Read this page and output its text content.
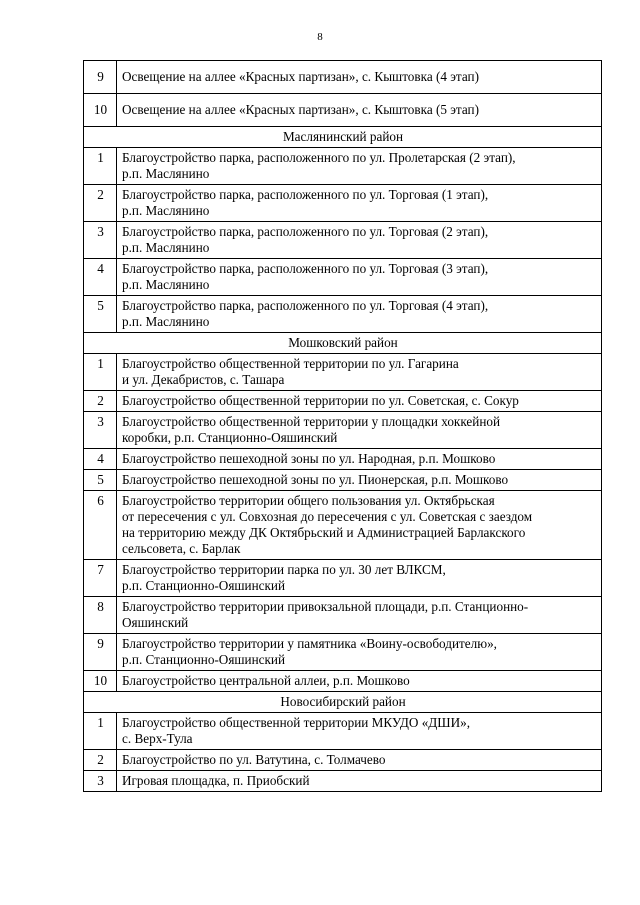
8
9	Освещение на аллее «Красных партизан», с. Кыштовка (4 этап)

10	Освещение на аллее «Красных партизан», с. Кыштовка (5 этап)

Маслянинский район	
1	Благоустройство парка, расположенного по ул. Пролетарская (2 этап),
р.п. Маслянино

2	Благоустройство парка, расположенного по ул. Торговая (1 этап),
р.п. Маслянино

3	Благоустройство парка, расположенного по ул. Торговая (2 этап),
р.п. Маслянино

4	Благоустройство парка, расположенного по ул. Торговая (3 этап),
р.п. Маслянино

5	Благоустройство парка, расположенного по ул. Торговая (4 этап),
р.п. Маслянино

Мошковский район	
1	Благоустройство общественной территории по ул. Гагарина
и ул. Декабристов, с. Ташара

2	Благоустройство общественной территории по ул. Советская, с. Сокур

3	Благоустройство общественной территории у площадки хоккейной
коробки, р.п. Станционно-Ояшинский

4	Благоустройство пешеходной зоны по ул. Народная, р.п. Мошково

5	Благоустройство пешеходной зоны по ул. Пионерская, р.п. Мошково

6	Благоустройство территории общего пользования ул. Октябрьская
от пересечения с ул. Совхозная до пересечения с ул. Советская с заездом
на территорию между ДК Октябрьский и Администрацией Барлакского
сельсовета, с. Барлак

7	Благоустройство территории парка по ул. 30 лет ВЛКСМ,
р.п. Станционно-Ояшинский

8	Благоустройство территории привокзальной площади, р.п. Станционно-
Ояшинский

9	Благоустройство территории у памятника «Воину-освободителю»,
р.п. Станционно-Ояшинский

10	Благоустройство центральной аллеи, р.п. Мошково

Новосибирский район	
1	Благоустройство общественной территории МКУДО «ДШИ»,
с. Верх-Тула

2	Благоустройство по ул. Ватутина, с. Толмачево

3	Игровая площадка, п. Приобский
